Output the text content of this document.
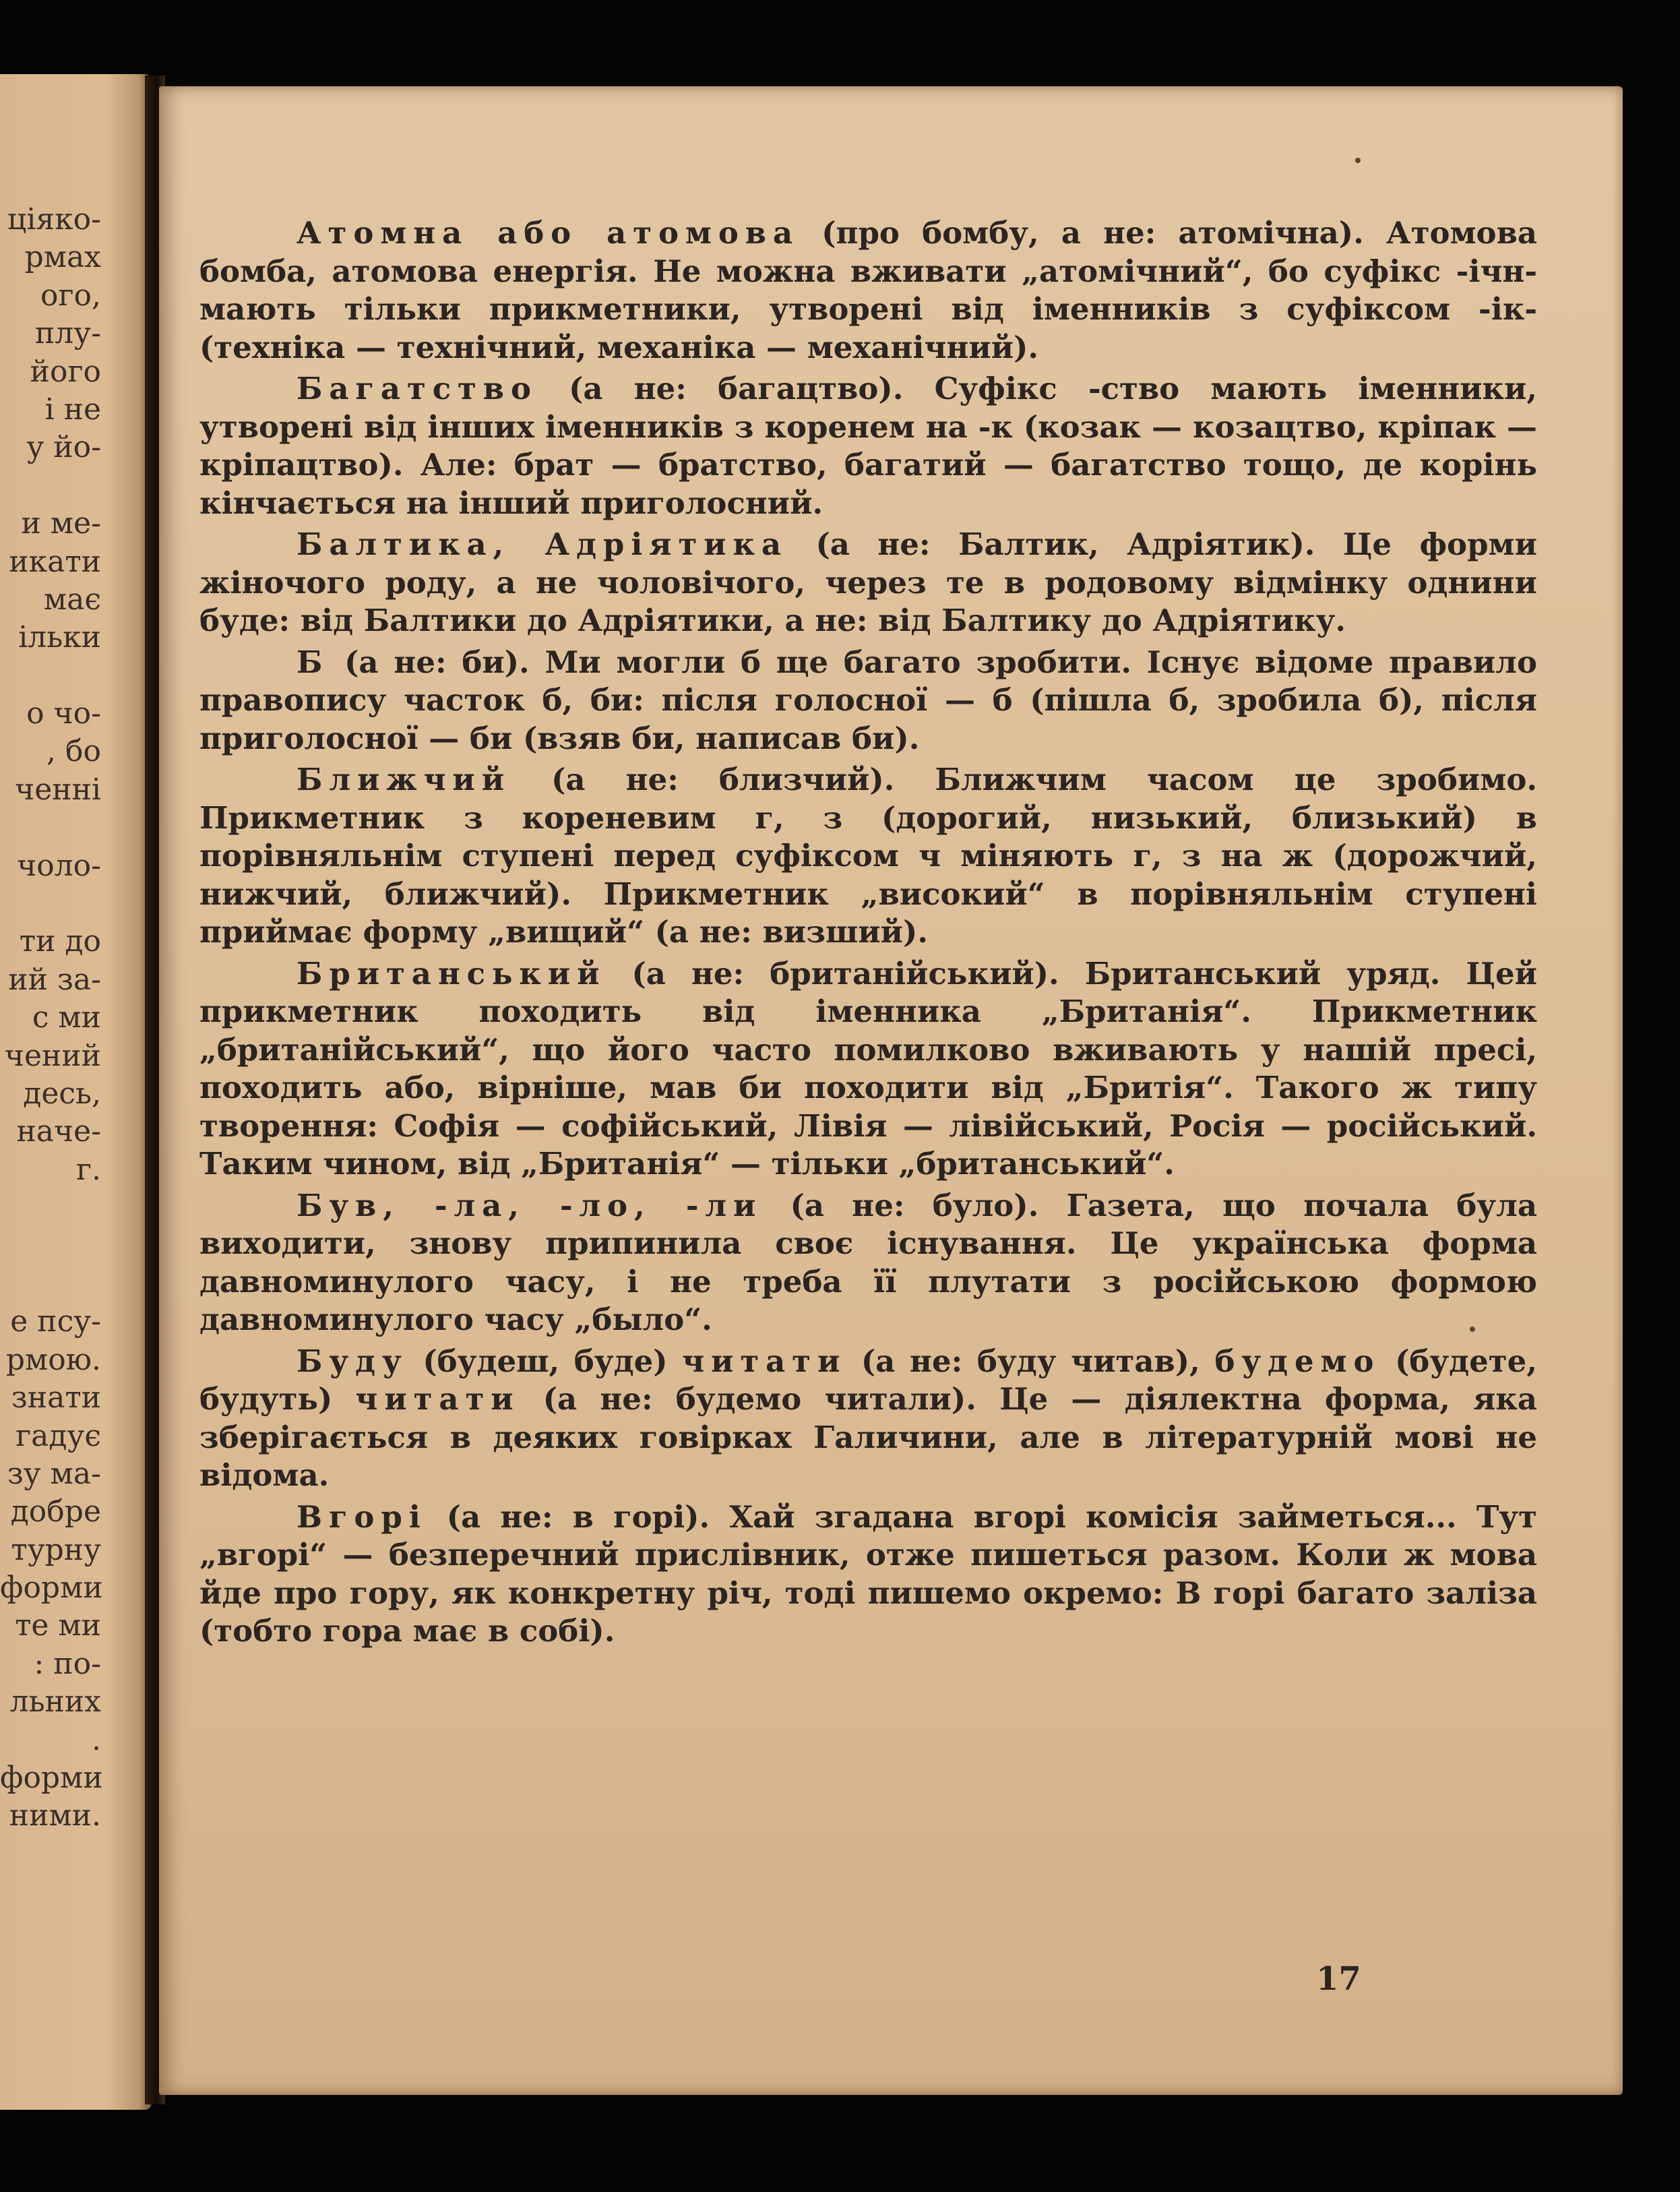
ціяко-
рмах
ого,
плу-
його
і не
у йо-
и ме-
икати
має
ільки
о чо-
, бо
ченні
чоло-
ти до
ий за-
с ми
чений
десь,
наче-
г.
е псу-
рмою.
знати
гадує
зу ма-
добре
турну
форми
те ми
: по-
льних
.
форми
ними.

Атомна або атомова (про бомбу, а не: атомічна). Атомова бомба, атомова енергія. Не можна вживати „атомічний“, бо суфікс -ічн- мають тільки прикметники, утворені від іменників з суфіксом -ік- (техніка — технічний, механіка — механічний).

Багатство (а не: багацтво). Суфікс -ство мають іменники, утворені від інших іменників з коренем на -к (козак — козацтво, кріпак — кріпацтво). Але: брат — братство, багатий — багатство тощо, де корінь кінчається на інший приголосний.

Балтика, Адріятика (а не: Балтик, Адріятик). Це форми жіночого роду, а не чоловічого, через те в родовому відмінку однини буде: від Балтики до Адріятики, а не: від Балтику до Адріятику.

Б (а не: би). Ми могли б ще багато зробити. Існує відоме правило правопису часток б, би: після голосної — б (пішла б, зробила б), після приголосної — би (взяв би, написав би).

Ближчий (а не: близчий). Ближчим часом це зробимо. Прикметник з кореневим г, з (дорогий, низький, близький) в порівняльнім ступені перед суфіксом ч міняють г, з на ж (дорожчий, нижчий, ближчий). Прикметник „високий“ в порівняльнім ступені приймає форму „вищий“ (а не: визший).

Британський (а не: британійський). Британський уряд. Цей прикметник походить від іменника „Британія“. Прикметник „британійський“, що його часто помилково вживають у нашій пресі, походить або, вірніше, мав би походити від „Бритія“. Такого ж типу творення: Софія — софійський, Лівія — лівійський, Росія — російський. Таким чином, від „Британія“ — тільки „британський“.

Був, -ла, -ло, -ли (а не: було). Газета, що почала була виходити, знову припинила своє існування. Це українська форма давноминулого часу, і не треба її плутати з російською формою давноминулого часу „было“.

Буду (будеш, буде) читати (а не: буду читав), будемо (будете, будуть) читати (а не: будемо читали). Це — діялектна форма, яка зберігається в деяких говірках Галичини, але в літературній мові не відома.

Вгорі (а не: в горі). Хай згадана вгорі комісія займеться... Тут „вгорі“ — безперечний прислівник, отже пишеться разом. Коли ж мова йде про гору, як конкретну річ, тоді пишемо окремо: В горі багато заліза (тобто гора має в собі).

17
